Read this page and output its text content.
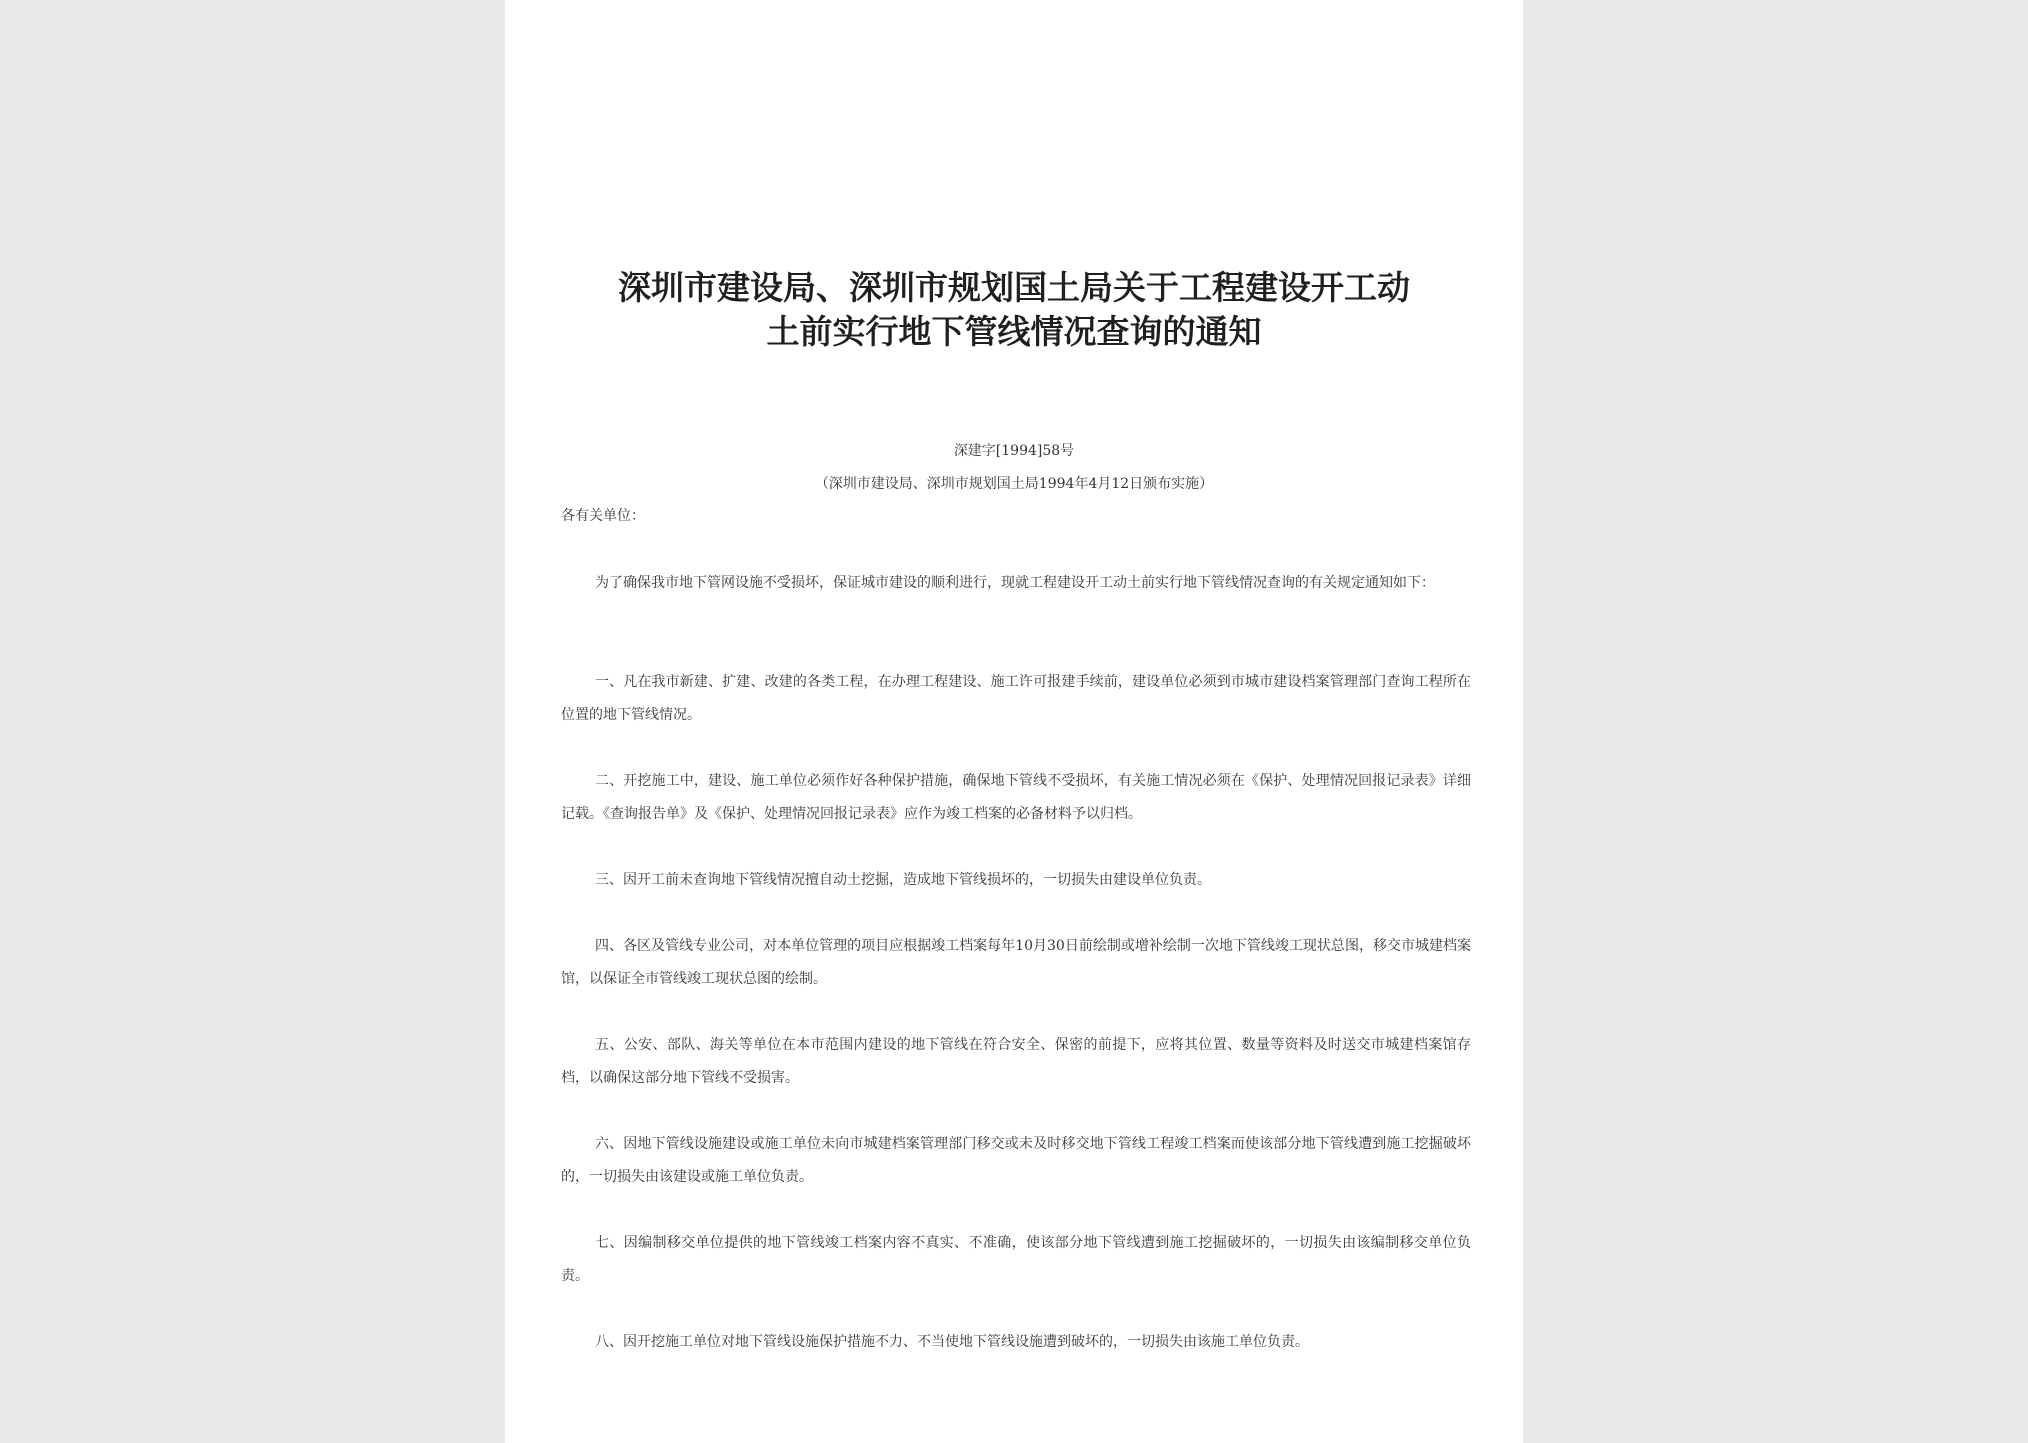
深圳市建设局、深圳市规划国土局关于工程建设开工动
土前实行地下管线情况查询的通知
深建字[1994]58号
（深圳市建设局、深圳市规划国土局1994年4月12日颁布实施）
各有关单位：

为了确保我市地下管网设施不受损坏，保证城市建设的顺利进行，现就工程建设开工动土前实行地下管线情况查询的有关规定通知如下：

一、凡在我市新建、扩建、改建的各类工程，在办理工程建设、施工许可报建手续前，建设单位必须到市城市建设档案管理部门查询工程所在位置的地下管线情况。

二、开挖施工中，建设、施工单位必须作好各种保护措施，确保地下管线不受损坏，有关施工情况必须在《保护、处理情况回报记录表》详细记载。《查询报告单》及《保护、处理情况回报记录表》应作为竣工档案的必备材料予以归档。

三、因开工前未查询地下管线情况擅自动土挖掘，造成地下管线损坏的，一切损失由建设单位负责。

四、各区及管线专业公司，对本单位管理的项目应根据竣工档案每年10月30日前绘制或增补绘制一次地下管线竣工现状总图，移交市城建档案馆，以保证全市管线竣工现状总图的绘制。

五、公安、部队、海关等单位在本市范围内建设的地下管线在符合安全、保密的前提下，应将其位置、数量等资料及时送交市城建档案馆存档，以确保这部分地下管线不受损害。

六、因地下管线设施建设或施工单位未向市城建档案管理部门移交或未及时移交地下管线工程竣工档案而使该部分地下管线遭到施工挖掘破坏的，一切损失由该建设或施工单位负责。

七、因编制移交单位提供的地下管线竣工档案内容不真实、不准确，使该部分地下管线遭到施工挖掘破坏的，一切损失由该编制移交单位负责。

八、因开挖施工单位对地下管线设施保护措施不力、不当使地下管线设施遭到破坏的，一切损失由该施工单位负责。
